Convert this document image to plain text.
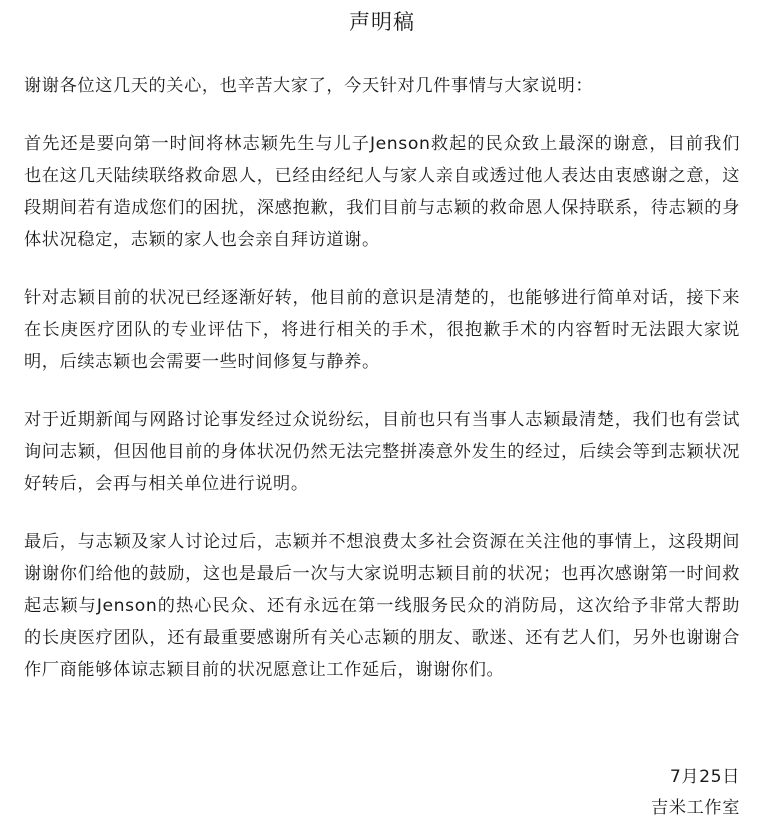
声明稿

谢谢各位这几天的关心，也辛苦大家了，今天针对几件事情与大家说明：

首先还是要向第一时间将林志颖先生与儿子Jenson救起的民众致上最深的谢意，目前我们也在这几天陆续联络救命恩人，已经由经纪人与家人亲自或透过他人表达由衷感谢之意，这段期间若有造成您们的困扰，深感抱歉，我们目前与志颖的救命恩人保持联系，待志颖的身体状况稳定，志颖的家人也会亲自拜访道谢。

针对志颖目前的状况已经逐渐好转，他目前的意识是清楚的，也能够进行简单对话，接下来在长庚医疗团队的专业评估下，将进行相关的手术，很抱歉手术的内容暂时无法跟大家说明，后续志颖也会需要一些时间修复与静养。

对于近期新闻与网路讨论事发经过众说纷纭，目前也只有当事人志颖最清楚，我们也有尝试询问志颖，但因他目前的身体状况仍然无法完整拼凑意外发生的经过，后续会等到志颖状况好转后，会再与相关单位进行说明。

最后，与志颖及家人讨论过后，志颖并不想浪费太多社会资源在关注他的事情上，这段期间谢谢你们给他的鼓励，这也是最后一次与大家说明志颖目前的状况；也再次感谢第一时间救起志颖与Jenson的热心民众、还有永远在第一线服务民众的消防局，这次给予非常大帮助的长庚医疗团队，还有最重要感谢所有关心志颖的朋友、歌迷、还有艺人们，另外也谢谢合作厂商能够体谅志颖目前的状况愿意让工作延后，谢谢你们。

7月25日
吉米工作室
